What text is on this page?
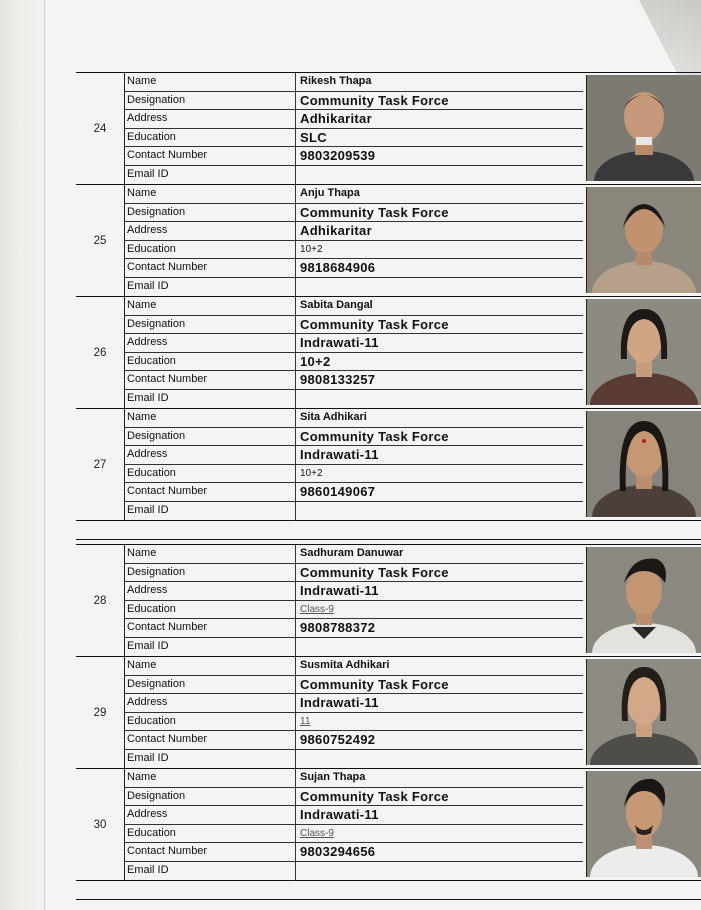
24
Name	Rikesh Thapa
Designation	Community Task Force
Address	Adhikaritar
Education	SLC
Contact Number	9803209539
Email ID
25
Name	Anju Thapa
Designation	Community Task Force
Address	Adhikaritar
Education	10+2
Contact Number	9818684906
Email ID
26
Name	Sabita Dangal
Designation	Community Task Force
Address	Indrawati-11
Education	10+2
Contact Number	9808133257
Email ID
27
Name	Sita Adhikari
Designation	Community Task Force
Address	Indrawati-11
Education	10+2
Contact Number	9860149067
Email ID
28
Name	Sadhuram Danuwar
Designation	Community Task Force
Address	Indrawati-11
Education	Class-9
Contact Number	9808788372
Email ID
29
Name	Susmita Adhikari
Designation	Community Task Force
Address	Indrawati-11
Education	11
Contact Number	9860752492
Email ID
30
Name	Sujan Thapa
Designation	Community Task Force
Address	Indrawati-11
Education	Class-9
Contact Number	9803294656
Email ID
